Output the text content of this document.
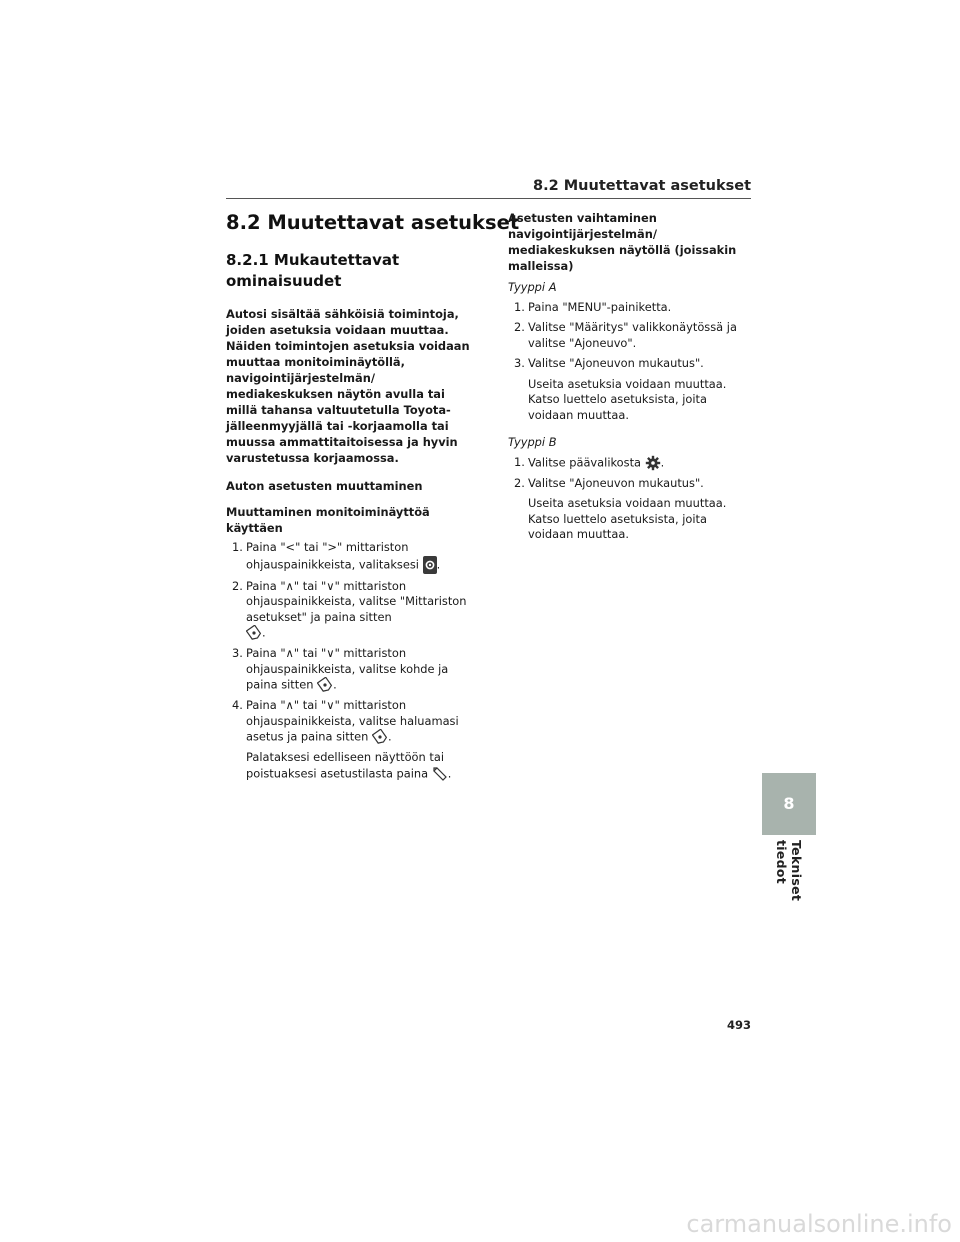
8.2 Muutettavat asetukset
8.2 Muutettavat asetukset
8.2.1 Mukautettavat
ominaisuudet

Autosi sisältää sähköisiä toimintoja, joiden asetuksia voidaan muuttaa. Näiden toimintojen asetuksia voidaan muuttaa monitoiminäytöllä, navigointijärjestelmän/ mediakeskuksen näytön avulla tai millä tahansa valtuutetulla Toyota-jälleenmyyjällä tai -korjaamolla tai muussa ammattitaitoisessa ja hyvin varustetussa korjaamossa.

Auton asetusten muuttaminen
Muuttaminen monitoiminäyttöä käyttäen
1. Paina "<" tai ">" mittariston ohjauspainikkeista, valitaksesi .
2. Paina "∧" tai "∨" mittariston ohjauspainikkeista, valitse "Mittariston asetukset" ja paina sitten

.
3. Paina "∧" tai "∨" mittariston ohjauspainikkeista, valitse kohde ja paina sitten .
4. Paina "∧" tai "∨" mittariston ohjauspainikkeista, valitse haluamasi asetus ja paina sitten .
Palataksesi edelliseen näyttöön tai poistuaksesi asetustilasta paina .
Asetusten vaihtaminen navigointijärjestelmän/ mediakeskuksen näytöllä (joissakin malleissa)
Tyyppi A
1. Paina "MENU"-painiketta.
2. Valitse "Määritys" valikkonäytössä ja valitse "Ajoneuvo".
3. Valitse "Ajoneuvon mukautus".
Useita asetuksia voidaan muuttaa. Katso luettelo asetuksista, joita voidaan muuttaa.
Tyyppi B
1. Valitse päävalikosta .
2. Valitse "Ajoneuvon mukautus".
Useita asetuksia voidaan muuttaa. Katso luettelo asetuksista, joita voidaan muuttaa.
8
Tekniset tiedot
493
carmanualsonline.info
